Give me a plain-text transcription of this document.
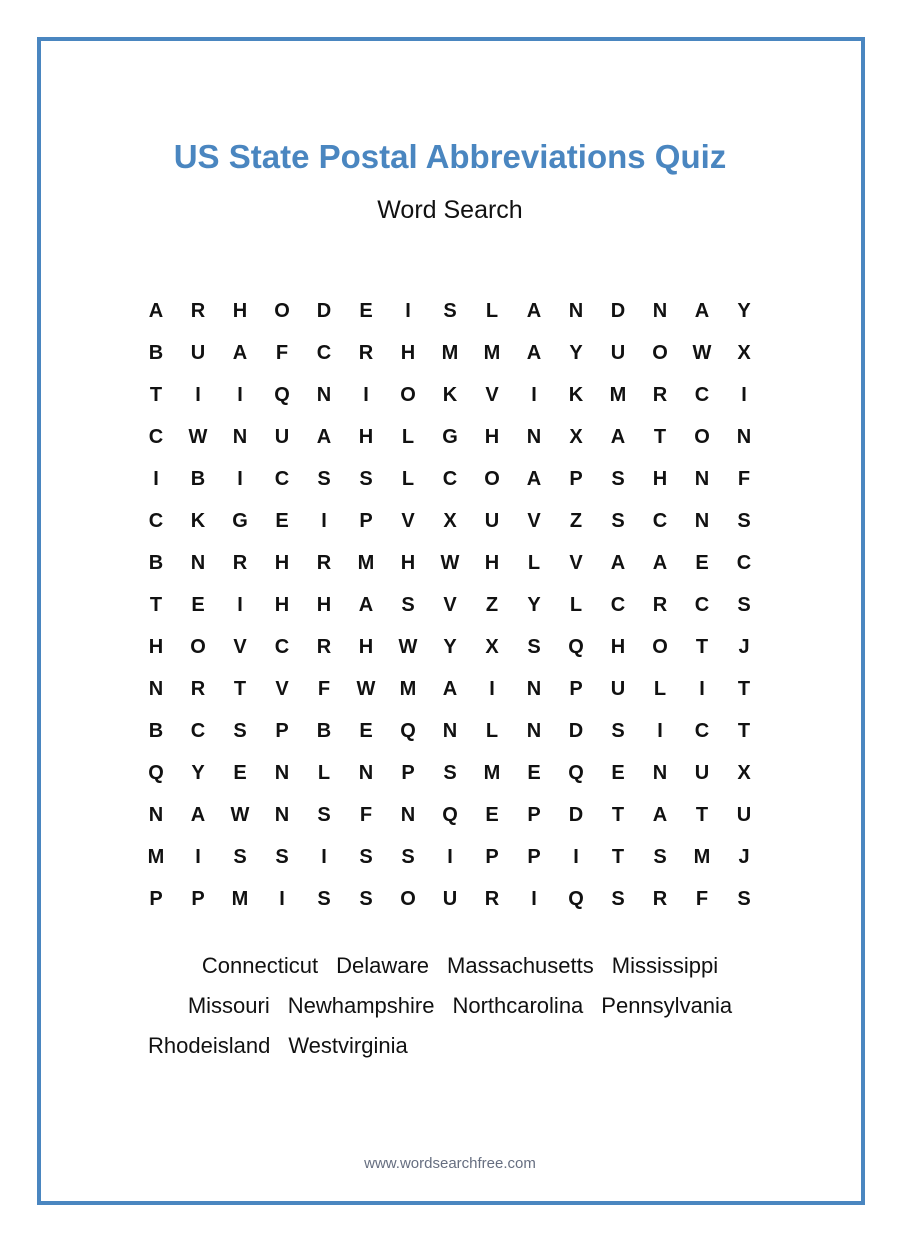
US State Postal Abbreviations Quiz
Word Search
A	R	H	O	D	E	I	S	L	A	N	D	N	A	Y
B	U	A	F	C	R	H	M	M	A	Y	U	O	W	X
T	I	I	Q	N	I	O	K	V	I	K	M	R	C	I
C	W	N	U	A	H	L	G	H	N	X	A	T	O	N
I	B	I	C	S	S	L	C	O	A	P	S	H	N	F
C	K	G	E	I	P	V	X	U	V	Z	S	C	N	S
B	N	R	H	R	M	H	W	H	L	V	A	A	E	C
T	E	I	H	H	A	S	V	Z	Y	L	C	R	C	S
H	O	V	C	R	H	W	Y	X	S	Q	H	O	T	J
N	R	T	V	F	W	M	A	I	N	P	U	L	I	T
B	C	S	P	B	E	Q	N	L	N	D	S	I	C	T
Q	Y	E	N	L	N	P	S	M	E	Q	E	N	U	X
N	A	W	N	S	F	N	Q	E	P	D	T	A	T	U
M	I	S	S	I	S	S	I	P	P	I	T	S	M	J
P	P	M	I	S	S	O	U	R	I	Q	S	R	F	S
Connecticut Delaware Massachusetts Mississippi
Missouri Newhampshire Northcarolina Pennsylvania
Rhodeisland Westvirginia
www.wordsearchfree.com
